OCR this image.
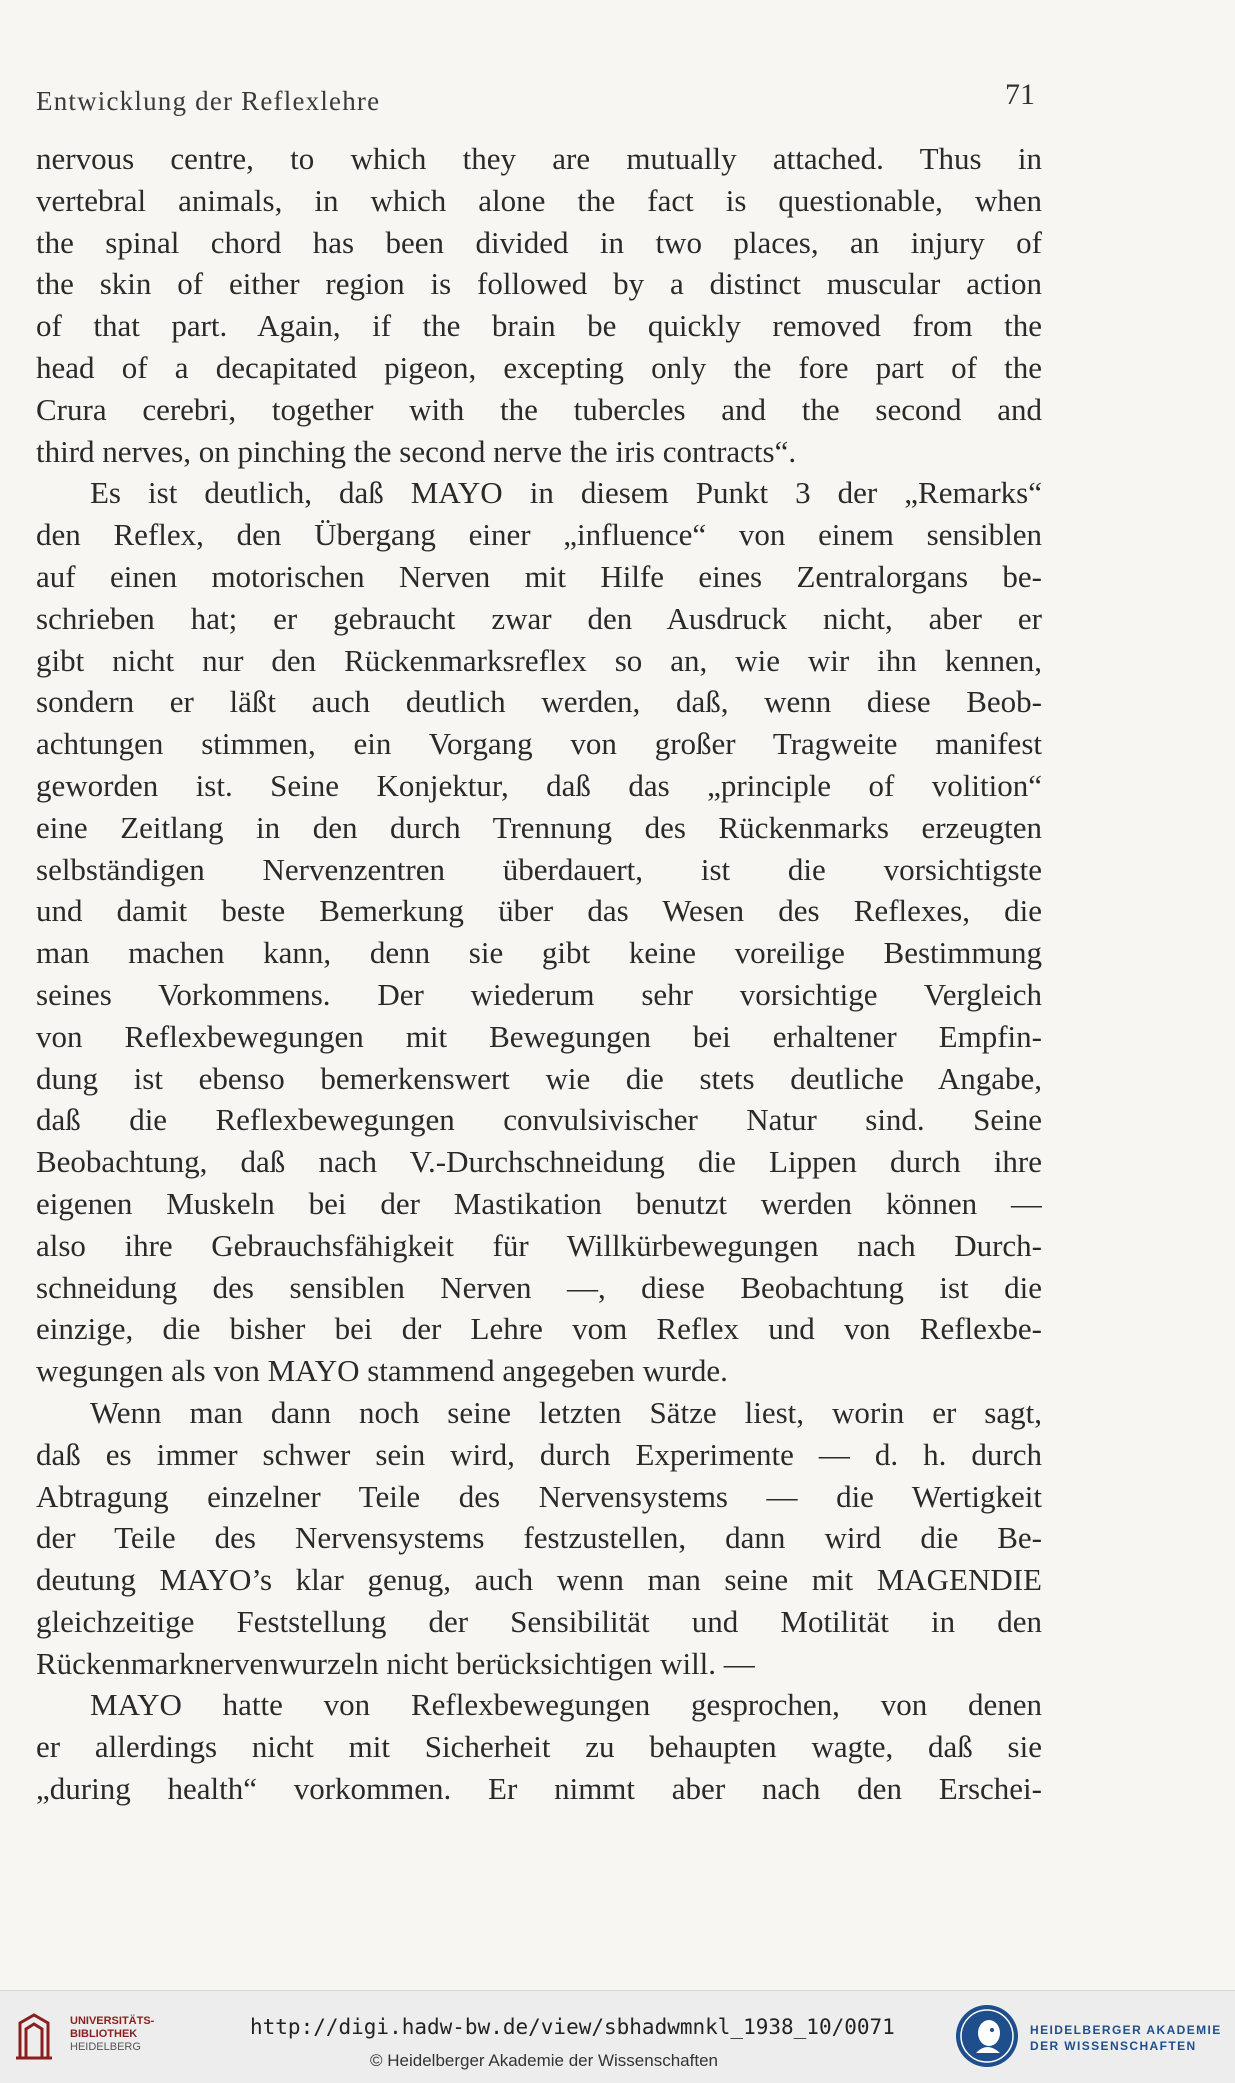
Entwicklung der Reflexlehre	71
nervous centre, to which they are mutually attached. Thus in
vertebral animals, in which alone the fact is questionable, when
the spinal chord has been divided in two places, an injury of
the skin of either region is followed by a distinct muscular action
of that part. Again, if the brain be quickly removed from the
head of a decapitated pigeon, excepting only the fore part of the
Crura cerebri, together with the tubercles and the second and
third nerves, on pinching the second nerve the iris contracts“.
Es ist deutlich, daß MAYO in diesem Punkt 3 der „Remarks“
den Reflex, den Übergang einer „influence“ von einem sensiblen
auf einen motorischen Nerven mit Hilfe eines Zentralorgans be-
schrieben hat; er gebraucht zwar den Ausdruck nicht, aber er
gibt nicht nur den Rückenmarksreflex so an, wie wir ihn kennen,
sondern er läßt auch deutlich werden, daß, wenn diese Beob-
achtungen stimmen, ein Vorgang von großer Tragweite manifest
geworden ist. Seine Konjektur, daß das „principle of volition“
eine Zeitlang in den durch Trennung des Rückenmarks erzeugten
selbständigen Nervenzentren überdauert, ist die vorsichtigste
und damit beste Bemerkung über das Wesen des Reflexes, die
man machen kann, denn sie gibt keine voreilige Bestimmung
seines Vorkommens. Der wiederum sehr vorsichtige Vergleich
von Reflexbewegungen mit Bewegungen bei erhaltener Empfin-
dung ist ebenso bemerkenswert wie die stets deutliche Angabe,
daß die Reflexbewegungen convulsivischer Natur sind. Seine
Beobachtung, daß nach V.-Durchschneidung die Lippen durch ihre
eigenen Muskeln bei der Mastikation benutzt werden können —
also ihre Gebrauchsfähigkeit für Willkürbewegungen nach Durch-
schneidung des sensiblen Nerven —, diese Beobachtung ist die
einzige, die bisher bei der Lehre vom Reflex und von Reflexbe-
wegungen als von MAYO stammend angegeben wurde.
Wenn man dann noch seine letzten Sätze liest, worin er sagt,
daß es immer schwer sein wird, durch Experimente — d. h. durch
Abtragung einzelner Teile des Nervensystems — die Wertigkeit
der Teile des Nervensystems festzustellen, dann wird die Be-
deutung MAYO’s klar genug, auch wenn man seine mit MAGENDIE
gleichzeitige Feststellung der Sensibilität und Motilität in den
Rückenmarknervenwurzeln nicht berücksichtigen will. —
MAYO hatte von Reflexbewegungen gesprochen, von denen
er allerdings nicht mit Sicherheit zu behaupten wagte, daß sie
„during health“ vorkommen. Er nimmt aber nach den Erschei-
UNIVERSITÄTS-
BIBLIOTHEK
HEIDELBERG
http://digi.hadw-bw.de/view/sbhadwmnkl_1938_10/0071
© Heidelberger Akademie der Wissenschaften
HEIDELBERGER AKADEMIE
DER WISSENSCHAFTEN
